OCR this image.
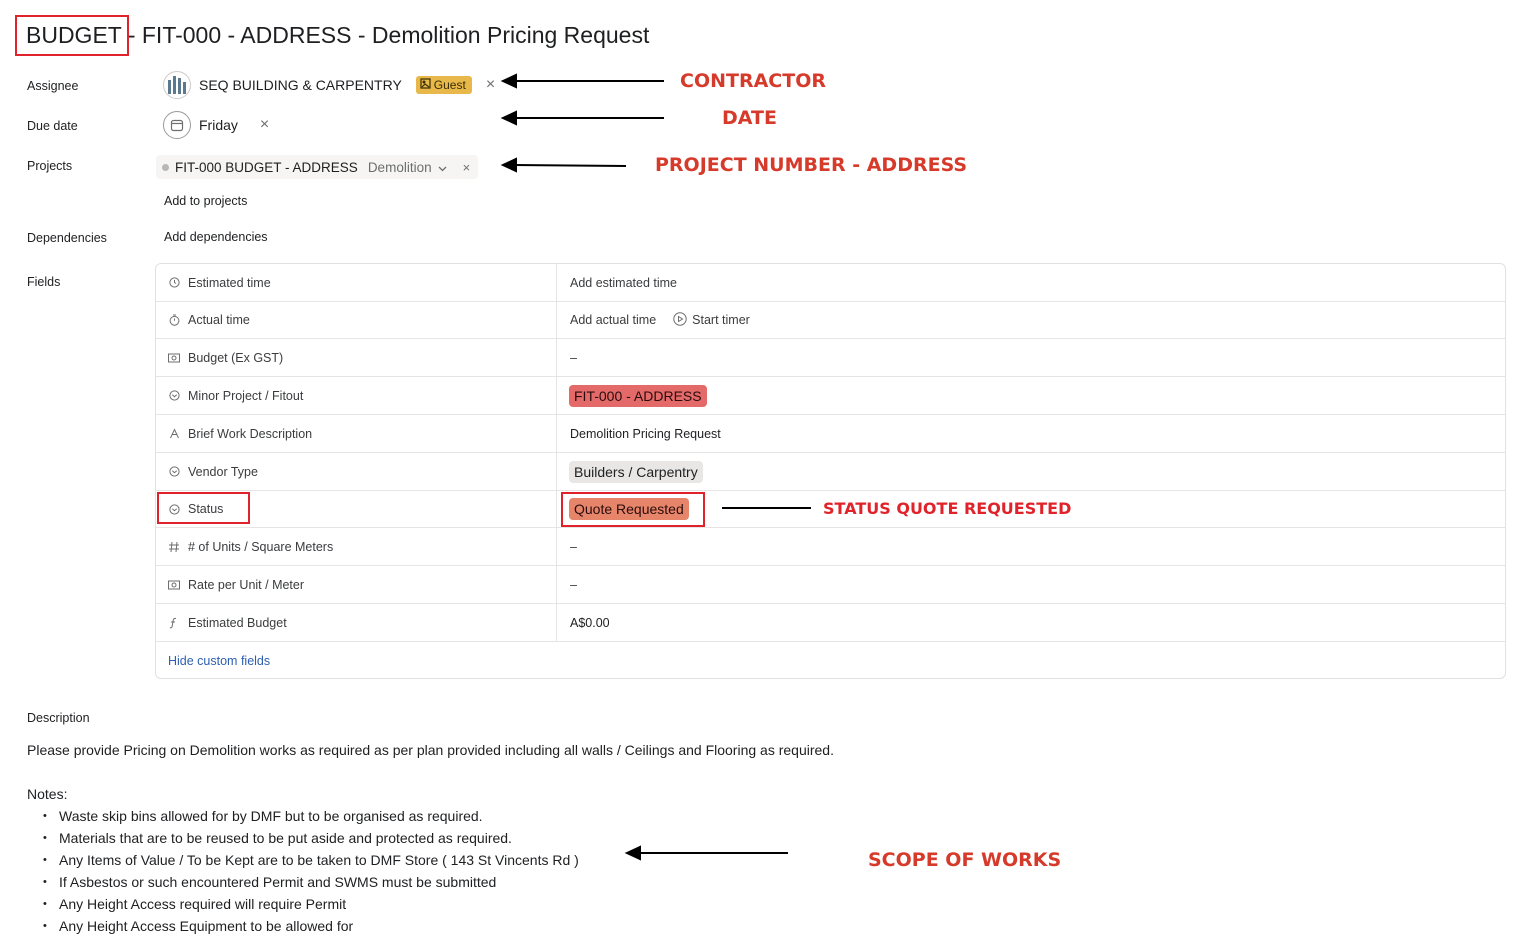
BUDGET - FIT-000 - ADDRESS - Demolition Pricing Request
Assignee	SEQ BUILDING & CARPENTRY	Guest ×
Due date	Friday ×
Projects	FIT-000 BUDGET - ADDRESS Demolition ×
Add to projects
Dependencies	Add dependencies
Fields	Estimated time	Add estimated time
Actual time	Add actual time	Start timer
Budget (Ex GST)	–
Minor Project / Fitout	FIT-000 - ADDRESS
Brief Work Description	Demolition Pricing Request
Vendor Type	Builders / Carpentry
Status	Quote Requested
# of Units / Square Meters	–
Rate per Unit / Meter	–
Estimated Budget	A$0.00
Hide custom fields
Description
Please provide Pricing on Demolition works as required as per plan provided including all walls / Ceilings and Flooring as required.
Notes:
• Waste skip bins allowed for by DMF but to be organised as required.
• Materials that are to be reused to be put aside and protected as required.
• Any Items of Value / To be Kept are to be taken to DMF Store ( 143 St Vincents Rd )
• If Asbestos or such encountered Permit and SWMS must be submitted
• Any Height Access required will require Permit
• Any Height Access Equipment to be allowed for
CONTRACTOR
DATE
PROJECT NUMBER - ADDRESS
STATUS QUOTE REQUESTED
SCOPE OF WORKS
